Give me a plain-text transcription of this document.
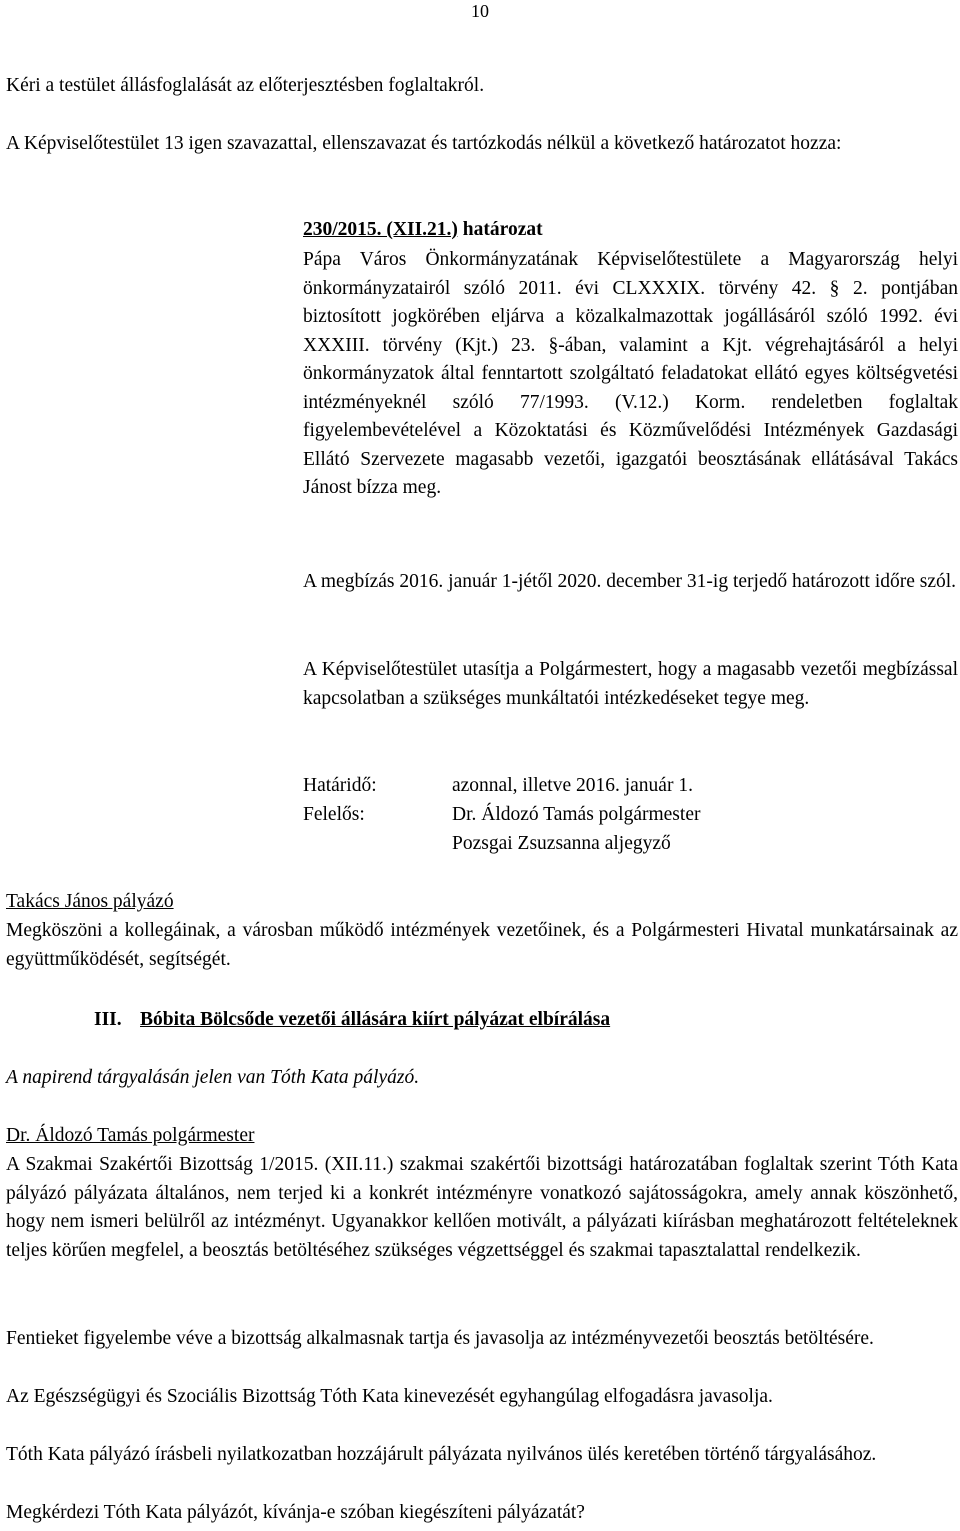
10

Kéri a testület állásfoglalását az előterjesztésben foglaltakról.

A Képviselőtestület 13 igen szavazattal, ellenszavazat és tartózkodás nélkül a következő határozatot hozza:

230/2015. (XII.21.) határozat

Pápa Város Önkormányzatának Képviselőtestülete a Magyarország helyi önkormányzatairól szóló 2011. évi CLXXXIX. törvény 42. § 2. pontjában biztosított jogkörében eljárva a közalkalmazottak jogállásáról szóló 1992. évi XXXIII. törvény (Kjt.) 23. §-ában, valamint a Kjt. végrehajtásáról a helyi önkormányzatok által fenntartott szolgáltató feladatokat ellátó egyes költségvetési intézményeknél szóló 77/1993. (V.12.) Korm. rendeletben foglaltak figyelembevételével a Közoktatási és Közművelődési Intézmények Gazdasági Ellátó Szervezete magasabb vezetői, igazgatói beosztásának ellátásával Takács Jánost bízza meg.

A megbízás 2016. január 1-jétől 2020. december 31-ig terjedő határozott időre szól.

A Képviselőtestület utasítja a Polgármestert, hogy a magasabb vezetői megbízással kapcsolatban a szükséges munkáltatói intézkedéseket tegye meg.

Határidő:	azonnal, illetve 2016. január 1.
Felelős:	Dr. Áldozó Tamás polgármester
Pozsgai Zsuzsanna aljegyző

Takács János pályázó

Megköszöni a kollegáinak, a városban működő intézmények vezetőinek, és a Polgármesteri Hivatal munkatársainak az együttműködését, segítségét.

III. Bóbita Bölcsőde vezetői állására kiírt pályázat elbírálása

A napirend tárgyalásán jelen van Tóth Kata pályázó.

Dr. Áldozó Tamás polgármester

A Szakmai Szakértői Bizottság 1/2015. (XII.11.) szakmai szakértői bizottsági határozatában foglaltak szerint Tóth Kata pályázó pályázata általános, nem terjed ki a konkrét intézményre vonatkozó sajátosságokra, amely annak köszönhető, hogy nem ismeri belülről az intézményt. Ugyanakkor kellően motivált, a pályázati kiírásban meghatározott feltételeknek teljes körűen megfelel, a beosztás betöltéséhez szükséges végzettséggel és szakmai tapasztalattal rendelkezik.

Fentieket figyelembe véve a bizottság alkalmasnak tartja és javasolja az intézményvezetői beosztás betöltésére.

Az Egészségügyi és Szociális Bizottság Tóth Kata kinevezését egyhangúlag elfogadásra javasolja.

Tóth Kata pályázó írásbeli nyilatkozatban hozzájárult pályázata nyilvános ülés keretében történő tárgyalásához.

Megkérdezi Tóth Kata pályázót, kívánja-e szóban kiegészíteni pályázatát?
